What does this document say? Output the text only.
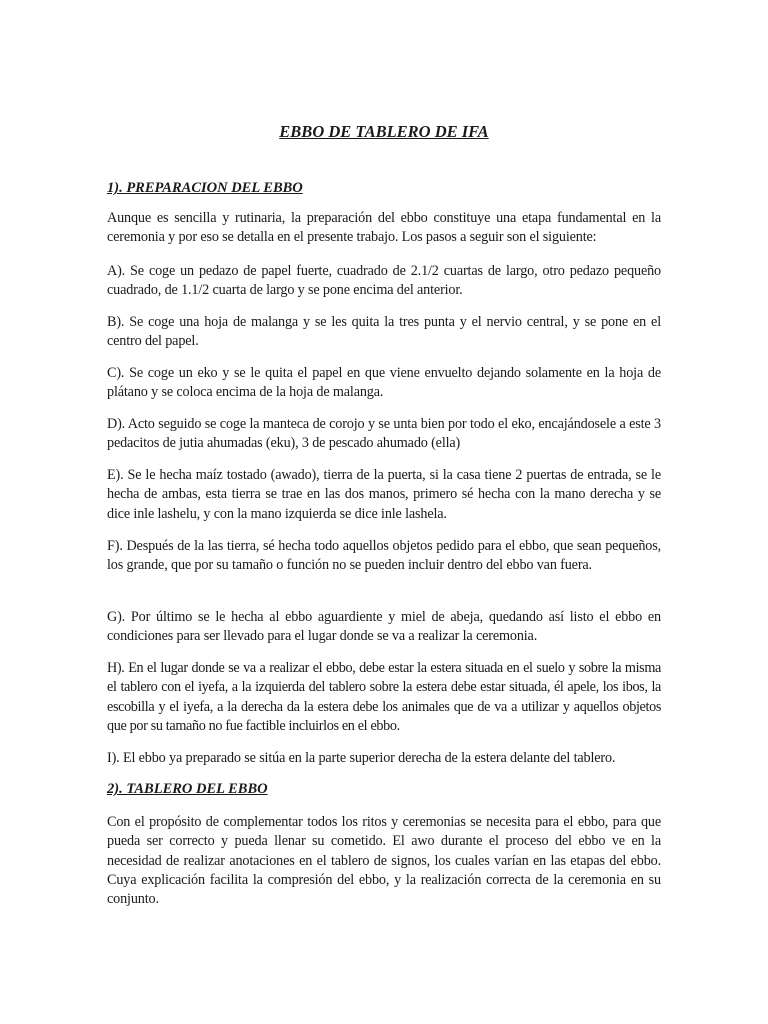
EBBO DE TABLERO DE IFA
1). PREPARACION DEL EBBO

Aunque es sencilla y rutinaria, la preparación del ebbo constituye una etapa fundamental en la ceremonia y por eso se detalla en el presente trabajo. Los pasos a seguir son el siguiente:

A). Se coge un pedazo de papel fuerte, cuadrado de 2.1/2 cuartas de largo, otro pedazo pequeño cuadrado, de 1.1/2 cuarta de largo y se pone encima del anterior.

B). Se coge una hoja de malanga y se les quita la tres punta y el nervio central, y se pone en el centro del papel.

C). Se coge un eko y se le quita el papel en que viene envuelto dejando solamente en la hoja de plátano y se coloca encima de la hoja de malanga.

D). Acto seguido se coge la manteca de corojo y se unta bien por todo el eko, encajándosele a este 3 pedacitos de jutia ahumadas (eku), 3 de pescado ahumado (ella)

E). Se le hecha maíz tostado (awado), tierra de la puerta, si la casa tiene 2 puertas de entrada, se le hecha de ambas, esta tierra se trae en las dos manos, primero sé hecha con la mano derecha y se dice inle lashelu, y con la mano izquierda se dice inle lashela.

F). Después de la las tierra, sé hecha todo aquellos objetos pedido para el ebbo, que sean pequeños, los grande, que por su tamaño o función no se pueden incluir dentro del ebbo van fuera.

G). Por último se le hecha al ebbo aguardiente y miel de abeja, quedando así listo el ebbo en condiciones para ser llevado para el lugar donde se va a realizar la ceremonia.

H). En el lugar donde se va a realizar el ebbo, debe estar la estera situada en el suelo y sobre la misma el tablero con el iyefa, a la izquierda del tablero sobre la estera debe estar situada, él apele, los ibos, la escobilla y el iyefa, a la derecha da la estera debe los animales que de va a utilizar y aquellos objetos que por su tamaño no fue factible incluirlos en el ebbo.

I). El ebbo ya preparado se sitúa en la parte superior derecha de la estera delante del tablero.

2). TABLERO DEL EBBO

Con el propósito de complementar todos los ritos y ceremonias se necesita para el ebbo, para que pueda ser correcto y pueda llenar su cometido. El awo durante el proceso del ebbo ve en la necesidad de realizar anotaciones en el tablero de signos, los cuales varían en las etapas del ebbo. Cuya explicación facilita la compresión del ebbo, y la realización correcta de la ceremonia en su conjunto.
